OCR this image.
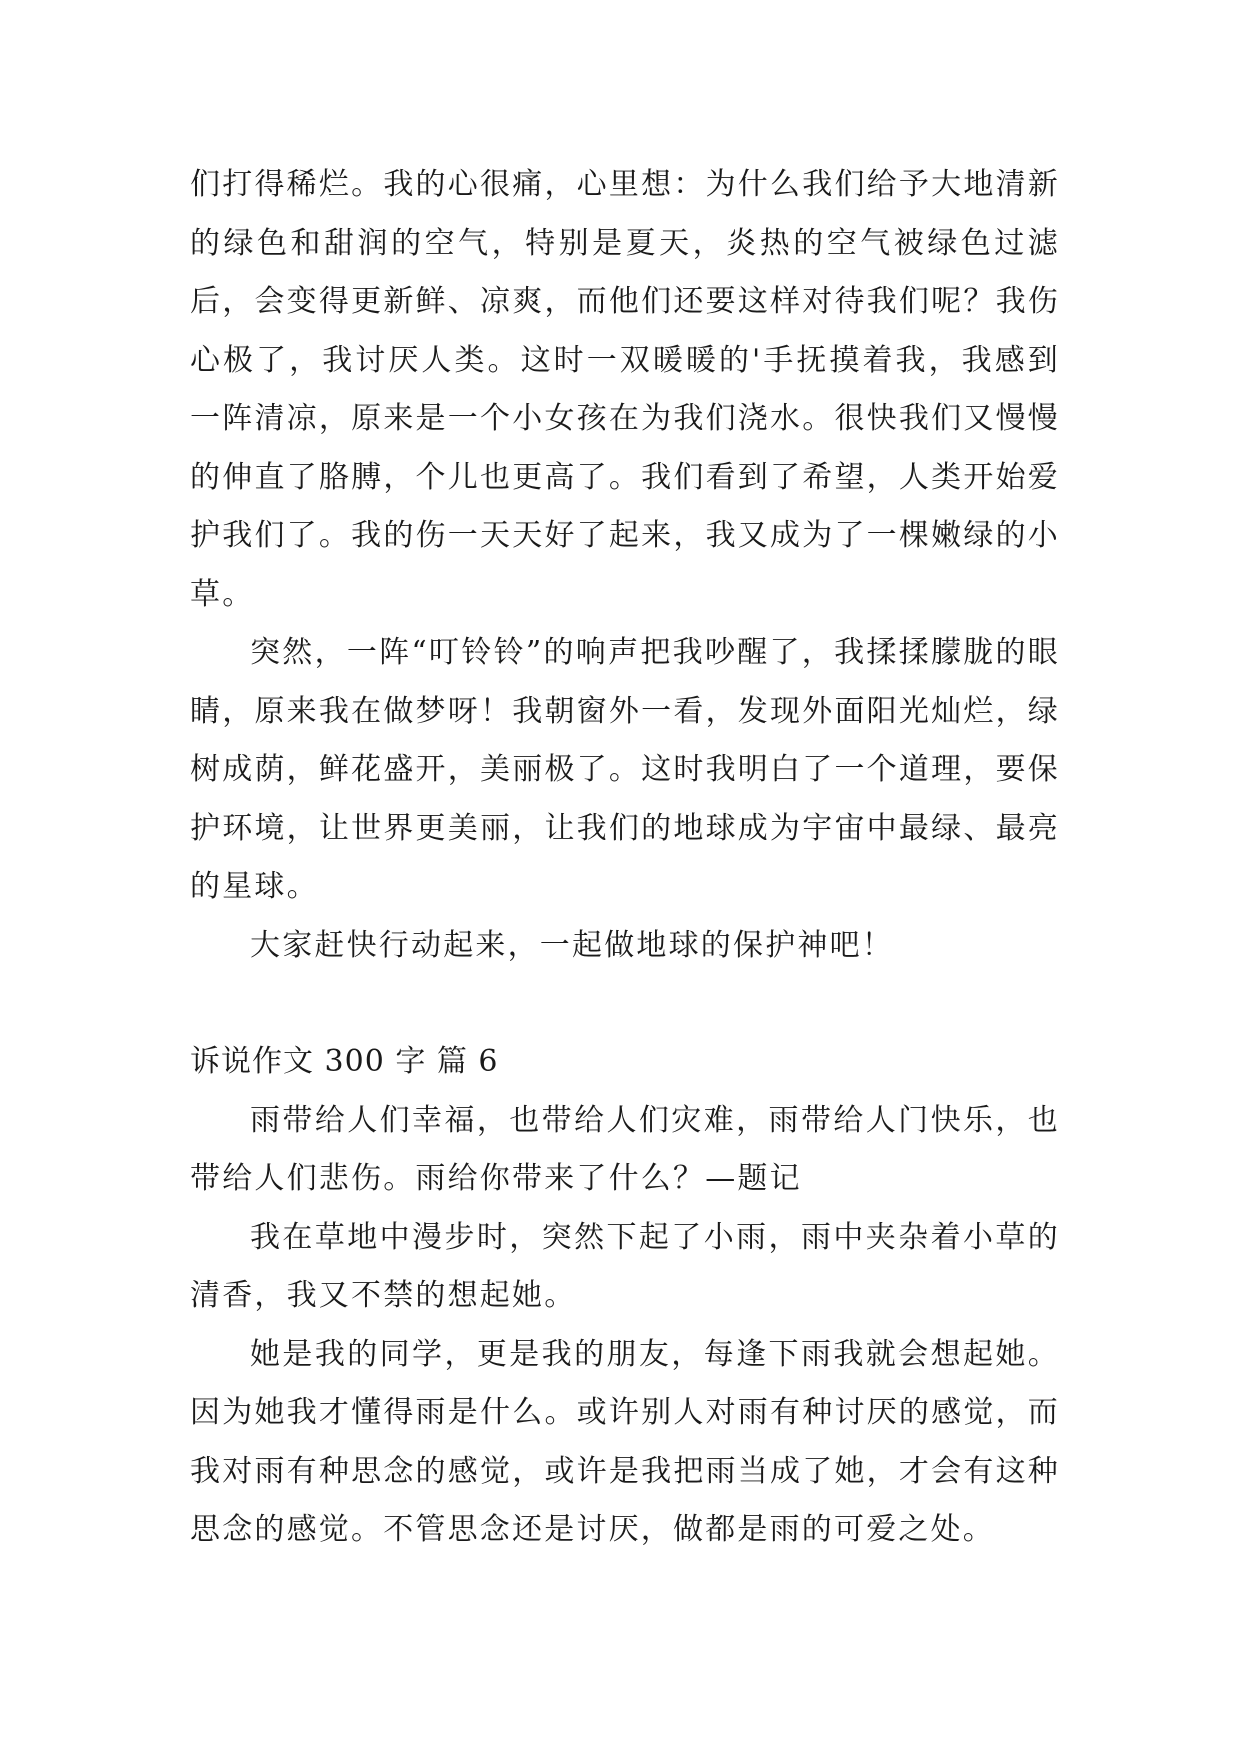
们打得稀烂。我的心很痛，心里想：为什么我们给予大地清新的绿色和甜润的空气，特别是夏天，炎热的空气被绿色过滤后，会变得更新鲜、凉爽，而他们还要这样对待我们呢？我伤心极了，我讨厌人类。这时一双暖暖的'手抚摸着我，我感到一阵清凉，原来是一个小女孩在为我们浇水。很快我们又慢慢的伸直了胳膊，个儿也更高了。我们看到了希望，人类开始爱护我们了。我的伤一天天好了起来，我又成为了一棵嫩绿的小草。

突然，一阵“叮铃铃”的响声把我吵醒了，我揉揉朦胧的眼睛，原来我在做梦呀！我朝窗外一看，发现外面阳光灿烂，绿树成荫，鲜花盛开，美丽极了。这时我明白了一个道理，要保护环境，让世界更美丽，让我们的地球成为宇宙中最绿、最亮的星球。

大家赶快行动起来，一起做地球的保护神吧！

诉说作文 300 字 篇 6

雨带给人们幸福，也带给人们灾难，雨带给人门快乐，也带给人们悲伤。雨给你带来了什么？—题记

我在草地中漫步时，突然下起了小雨，雨中夹杂着小草的清香，我又不禁的想起她。

她是我的同学，更是我的朋友，每逢下雨我就会想起她。因为她我才懂得雨是什么。或许别人对雨有种讨厌的感觉，而我对雨有种思念的感觉，或许是我把雨当成了她，才会有这种思念的感觉。不管思念还是讨厌，做都是雨的可爱之处。
